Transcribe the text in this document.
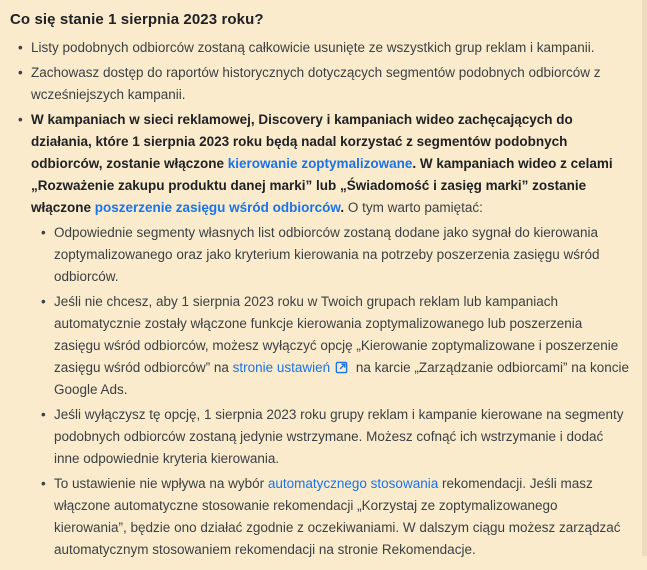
Co się stanie 1 sierpnia 2023 roku?
• Listy podobnych odbiorców zostaną całkowicie usunięte ze wszystkich grup reklam i kampanii.
• Zachowasz dostęp do raportów historycznych dotyczących segmentów podobnych odbiorców z wcześniejszych kampanii.
• W kampaniach w sieci reklamowej, Discovery i kampaniach wideo zachęcających do działania, które 1 sierpnia 2023 roku będą nadal korzystać z segmentów podobnych odbiorców, zostanie włączone kierowanie zoptymalizowane. W kampaniach wideo z celami „Rozważenie zakupu produktu danej marki” lub „Świadomość i zasięg marki” zostanie włączone poszerzenie zasięgu wśród odbiorców. O tym warto pamiętać:
• Odpowiednie segmenty własnych list odbiorców zostaną dodane jako sygnał do kierowania zoptymalizowanego oraz jako kryterium kierowania na potrzeby poszerzenia zasięgu wśród odbiorców.
• Jeśli nie chcesz, aby 1 sierpnia 2023 roku w Twoich grupach reklam lub kampaniach automatycznie zostały włączone funkcje kierowania zoptymalizowanego lub poszerzenia zasięgu wśród odbiorców, możesz wyłączyć opcję „Kierowanie zoptymalizowane i poszerzenie zasięgu wśród odbiorców” na stronie ustawień na karcie „Zarządzanie odbiorcami” na koncie Google Ads.
• Jeśli wyłączysz tę opcję, 1 sierpnia 2023 roku grupy reklam i kampanie kierowane na segmenty podobnych odbiorców zostaną jedynie wstrzymane. Możesz cofnąć ich wstrzymanie i dodać inne odpowiednie kryteria kierowania.
• To ustawienie nie wpływa na wybór automatycznego stosowania rekomendacji. Jeśli masz włączone automatyczne stosowanie rekomendacji „Korzystaj ze zoptymalizowanego kierowania”, będzie ono działać zgodnie z oczekiwaniami. W dalszym ciągu możesz zarządzać automatycznym stosowaniem rekomendacji na stronie Rekomendacje.
